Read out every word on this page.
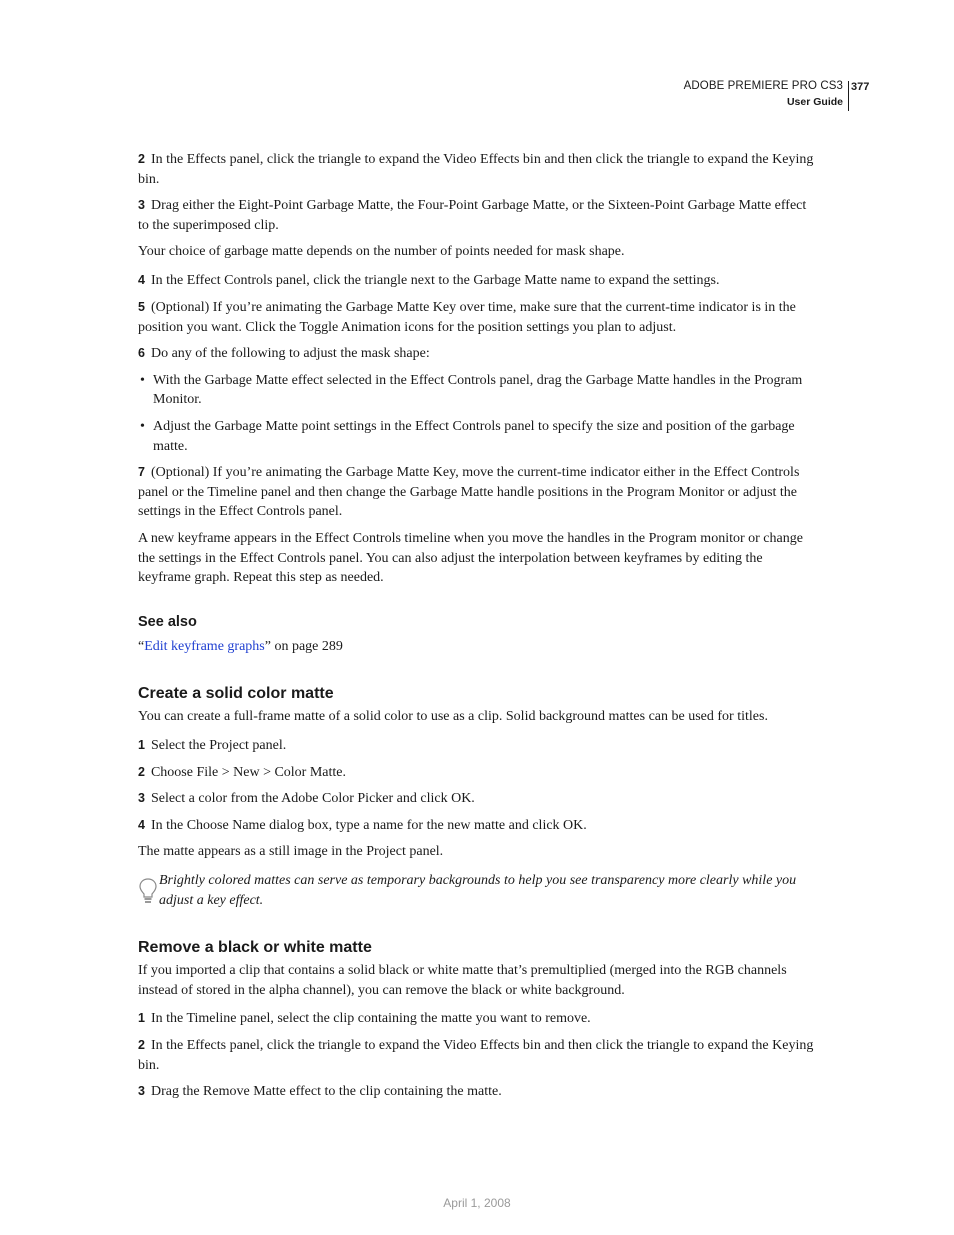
ADOBE PREMIERE PRO CS3
User Guide
377

2 In the Effects panel, click the triangle to expand the Video Effects bin and then click the triangle to expand the Keying bin.

3 Drag either the Eight-Point Garbage Matte, the Four-Point Garbage Matte, or the Sixteen-Point Garbage Matte effect to the superimposed clip.

Your choice of garbage matte depends on the number of points needed for mask shape.

4 In the Effect Controls panel, click the triangle next to the Garbage Matte name to expand the settings.

5 (Optional) If you’re animating the Garbage Matte Key over time, make sure that the current-time indicator is in the position you want. Click the Toggle Animation icons for the position settings you plan to adjust.

6 Do any of the following to adjust the mask shape:

• With the Garbage Matte effect selected in the Effect Controls panel, drag the Garbage Matte handles in the Program Monitor.

• Adjust the Garbage Matte point settings in the Effect Controls panel to specify the size and position of the garbage matte.

7 (Optional) If you’re animating the Garbage Matte Key, move the current-time indicator either in the Effect Controls panel or the Timeline panel and then change the Garbage Matte handle positions in the Program Monitor or adjust the settings in the Effect Controls panel.

A new keyframe appears in the Effect Controls timeline when you move the handles in the Program monitor or change the settings in the Effect Controls panel. You can also adjust the interpolation between keyframes by editing the keyframe graph. Repeat this step as needed.

See also

“Edit keyframe graphs” on page 289

Create a solid color matte

You can create a full-frame matte of a solid color to use as a clip. Solid background mattes can be used for titles.

1 Select the Project panel.

2 Choose File > New > Color Matte.

3 Select a color from the Adobe Color Picker and click OK.

4 In the Choose Name dialog box, type a name for the new matte and click OK.

The matte appears as a still image in the Project panel.

Brightly colored mattes can serve as temporary backgrounds to help you see transparency more clearly while you adjust a key effect.

Remove a black or white matte

If you imported a clip that contains a solid black or white matte that’s premultiplied (merged into the RGB channels instead of stored in the alpha channel), you can remove the black or white background.

1 In the Timeline panel, select the clip containing the matte you want to remove.

2 In the Effects panel, click the triangle to expand the Video Effects bin and then click the triangle to expand the Keying bin.

3 Drag the Remove Matte effect to the clip containing the matte.

April 1, 2008
